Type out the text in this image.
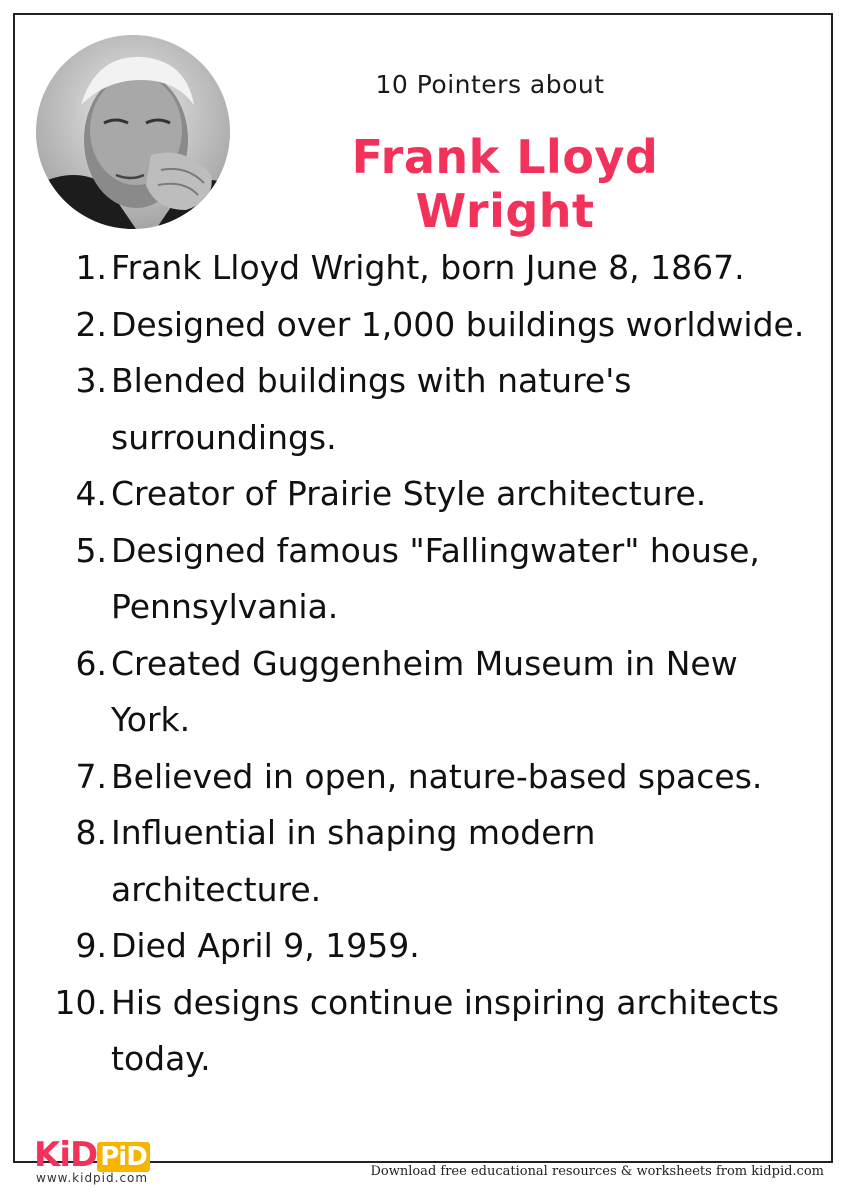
10 Pointers about
Frank Lloyd Wright
1. Frank Lloyd Wright, born June 8, 1867.
2. Designed over 1,000 buildings worldwide.
3. Blended buildings with nature's surroundings.
4. Creator of Prairie Style architecture.
5. Designed famous "Fallingwater" house, Pennsylvania.
6. Created Guggenheim Museum in New York.
7. Believed in open, nature-based spaces.
8. Influential in shaping modern architecture.
9. Died April 9, 1959.
10. His designs continue inspiring architects today.
KiD PiD
www.kidpid.com	Download free educational resources & worksheets from kidpid.com
